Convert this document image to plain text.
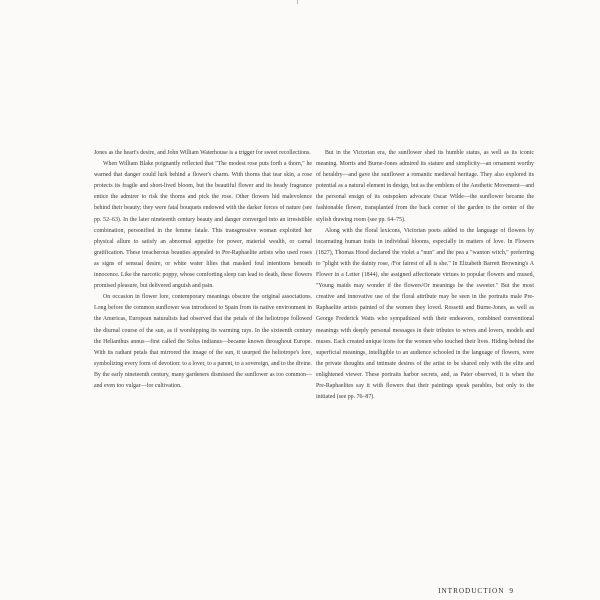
Jones as the heart's desire, and John William Waterhouse is a trigger for sweet recollections.

When William Blake poignantly reflected that "The modest rose puts forth a thorn," he warned that danger could lurk behind a flower's charm. With thorns that tear skin, a rose protects its fragile and short-lived bloom, but the beautiful flower and its heady fragrance entice the admirer to risk the thorns and pick the rose. Other flowers hid malevolence behind their beauty; they were fatal bouquets endowed with the darker forces of nature (see pp. 52–63). In the later nineteenth century beauty and danger converged into an irresistible combination, personified in the femme fatale. This transgressive woman exploited her physical allure to satisfy an abnormal appetite for power, material wealth, or carnal gratification. These treacherous beauties appealed to Pre-Raphaelite artists who used roses as signs of sensual desire, or white water lilies that masked foul intentions beneath innocence. Like the narcotic poppy, whose comforting sleep can lead to death, these flowers promised pleasure, but delivered anguish and pain.

On occasion in flower lore, contemporary meanings obscure the original associations. Long before the common sunflower was introduced to Spain from its native environment in the Americas, European naturalists had observed that the petals of the heliotrope followed the diurnal course of the sun, as if worshipping its warming rays. In the sixteenth century the Helianthus annus—first called the Solus indianus—became known throughout Europe. With its radiant petals that mirrored the image of the sun, it usurped the heliotrope's lore, symbolizing every form of devotion: to a lover, to a parent, to a sovereign, and to the divine. By the early nineteenth century, many gardeners dismissed the sunflower as too common—and even too vulgar—for cultivation.

But in the Victorian era, the sunflower shed its humble status, as well as its iconic meaning. Morris and Burne-Jones admired its stature and simplicity—an ornament worthy of heraldry—and gave the sunflower a romantic medieval heritage. They also explored its potential as a natural element in design, but as the emblem of the Aesthetic Movement—and the personal ensign of its outspoken advocate Oscar Wilde—the sunflower became the fashionable flower, transplanted from the back corner of the garden to the center of the stylish drawing room (see pp. 64–75).

Along with the floral lexicons, Victorian poets added to the language of flowers by incarnating human traits in individual blooms, especially in matters of love. In Flowers (1827), Thomas Hood declared the violet a "nun" and the pea a "wanton witch," preferring to "plight with the dainty rose, /For fairest of all is she." In Elizabeth Barrett Browning's A Flower in a Letter (1844), she assigned affectionate virtues to popular flowers and mused, "Young maids may wonder if the flowers/Or meanings be the sweeter." But the most creative and innovative use of the floral attribute may be seen in the portraits male Pre-Raphaelite artists painted of the women they loved. Rossetti and Burne-Jones, as well as George Frederick Watts who sympathized with their endeavors, combined conventional meanings with deeply personal messages in their tributes to wives and lovers, models and muses. Each created unique icons for the women who touched their lives. Hiding behind the superficial meanings, intelligible to an audience schooled in the language of flowers, were the private thoughts and intimate desires of the artist to be shared only with the elite and enlightened viewer. These portraits harbor secrets, and, as Pater observed, it is when the Pre-Raphaelites say it with flowers that their paintings speak parables, but only to the initiated (see pp. 76–87).

INTRODUCTION 9
